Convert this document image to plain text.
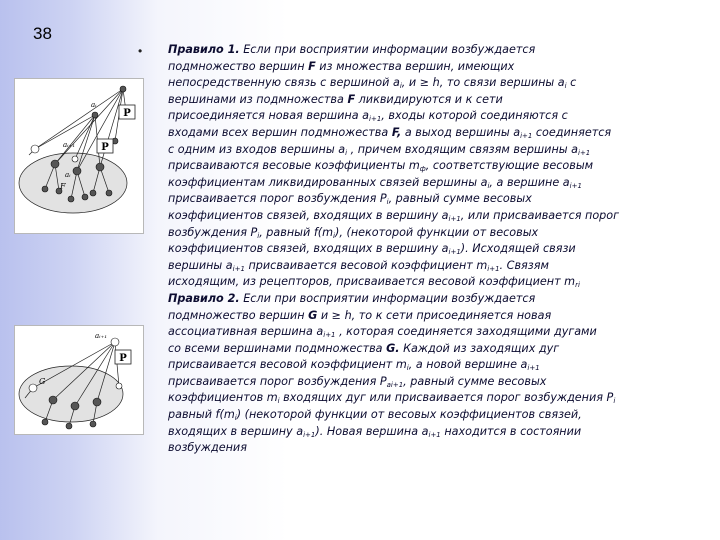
38
•
P
P
aᵢ
aᵢ₊₁
aᵢ
F
P
aᵢ₊₁
G
Правило 1. Если при восприятии информации возбуждается
подмножество вершин F из множества вершин, имеющих
непосредственную связь с вершиной $a_i$, и ≥ h, то связи вершины $a_i$ с
вершинами из подмножества F ликвидируются и к сети
присоединяется новая вершина $a_{i+1}$, входы которой соединяются с
входами всех вершин подмножества F, а выход вершины $a_{i+1}$ соединяется
с одним из входов вершины $a_i$ , причем входящим связям вершины $a_{i+1}$
присваиваются весовые коэффициенты $m_ф$, соответствующие весовым
коэффициентам ликвидированных связей вершины $a_i$, а вершине $a_{i+1}$
присваивается порог возбуждения $P_i$, равный сумме весовых
коэффициентов связей, входящих в вершину $a_{i+1}$, или присваивается порог
возбуждения $P_i$, равный $f(m_i)$, (некоторой функции от весовых
коэффициентов связей, входящих в вершину $a_{i+1}$). Исходящей связи
вершины $a_{i+1}$ присваивается весовой коэффициент $m_{i+1}$. Связям
исходящим, из рецепторов, присваивается весовой коэффициент $m_{ri}$
Правило 2. Если при восприятии информации возбуждается
подмножество вершин G и ≥ h, то к сети присоединяется новая
ассоциативная вершина $a_{i+1}$ , которая соединяется заходящими дугами
со всеми вершинами подмножества G. Каждой из заходящих дуг
присваивается весовой коэффициент $m_i$, а новой вершине $a_{i+1}$
присваивается порог возбуждения $P_{ai+1}$, равный сумме весовых
коэффициентов $m_i$ входящих дуг или присваивается порог возбуждения $P_i$
равный $f(m_i)$ (некоторой функции от весовых коэффициентов связей,
входящих в вершину $a_{i+1}$). Новая вершина $a_{i+1}$ находится в состоянии
возбуждения
